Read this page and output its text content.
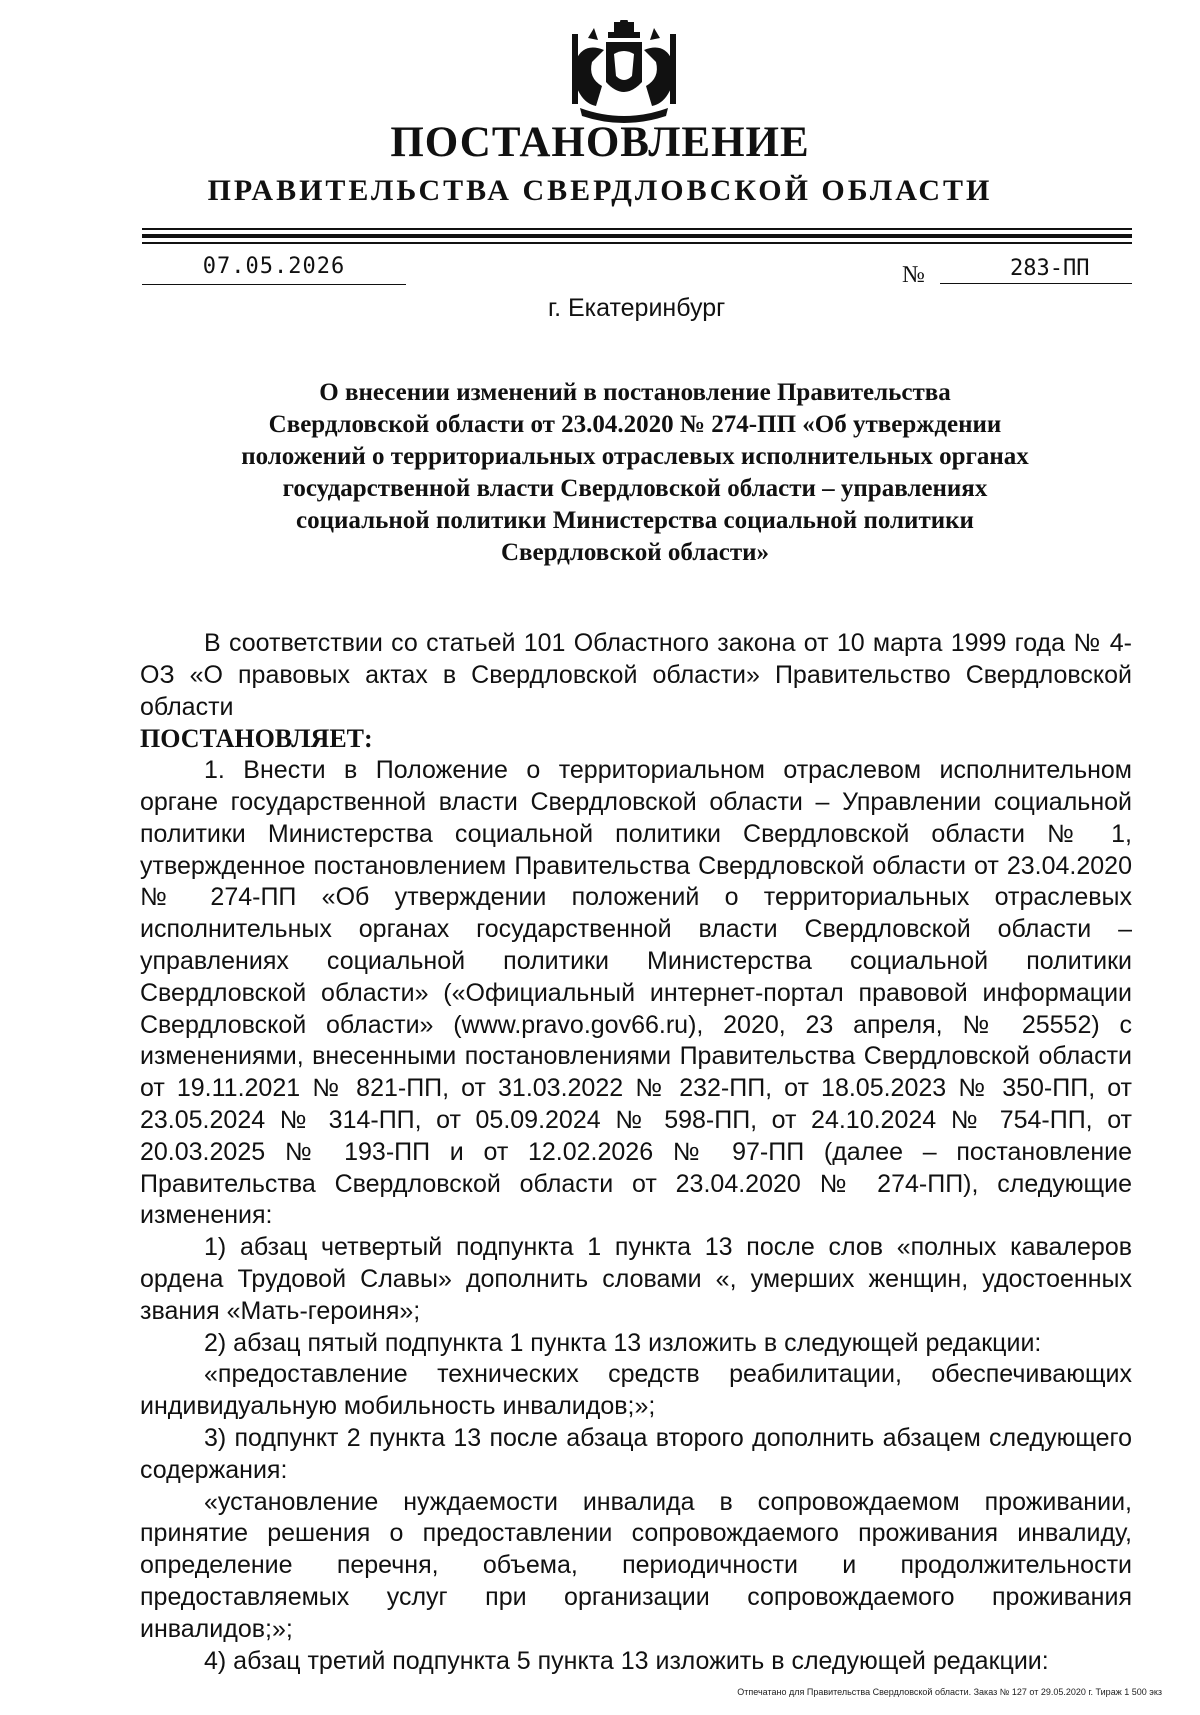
ПОСТАНОВЛЕНИЕ
ПРАВИТЕЛЬСТВА СВЕРДЛОВСКОЙ ОБЛАСТИ
07.05.2026	№	283-ПП
г. Екатеринбург
О внесении изменений в постановление Правительства
Свердловской области от 23.04.2020 № 274-ПП «Об утверждении
положений о территориальных отраслевых исполнительных органах
государственной власти Свердловской области – управлениях
социальной политики Министерства социальной политики
Свердловской области»

В соответствии со статьей 101 Областного закона от 10 марта 1999 года № 4-ОЗ «О правовых актах в Свердловской области» Правительство Свердловской области

ПОСТАНОВЛЯЕТ:

1. Внести в Положение о территориальном отраслевом исполнительном органе государственной власти Свердловской области – Управлении социальной политики Министерства социальной политики Свердловской области № 1, утвержденное постановлением Правительства Свердловской области от 23.04.2020 № 274-ПП «Об утверждении положений о территориальных отраслевых исполнительных органах государственной власти Свердловской области – управлениях социальной политики Министерства социальной политики Свердловской области» («Официальный интернет-портал правовой информации Свердловской области» (www.pravo.gov66.ru), 2020, 23 апреля, № 25552) с изменениями, внесенными постановлениями Правительства Свердловской области от 19.11.2021 № 821-ПП, от 31.03.2022 № 232-ПП, от 18.05.2023 № 350-ПП, от 23.05.2024 № 314-ПП, от 05.09.2024 № 598-ПП, от 24.10.2024 № 754-ПП, от 20.03.2025 № 193-ПП и от 12.02.2026 № 97-ПП (далее – постановление Правительства Свердловской области от 23.04.2020 № 274-ПП), следующие изменения:

1) абзац четвертый подпункта 1 пункта 13 после слов «полных кавалеров ордена Трудовой Славы» дополнить словами «, умерших женщин, удостоенных звания «Мать-героиня»;

2) абзац пятый подпункта 1 пункта 13 изложить в следующей редакции:

«предоставление технических средств реабилитации, обеспечивающих индивидуальную мобильность инвалидов;»;

3) подпункт 2 пункта 13 после абзаца второго дополнить абзацем следующего содержания:

«установление нуждаемости инвалида в сопровождаемом проживании, принятие решения о предоставлении сопровождаемого проживания инвалиду, определение перечня, объема, периодичности и продолжительности предоставляемых услуг при организации сопровождаемого проживания инвалидов;»;

4) абзац третий подпункта 5 пункта 13 изложить в следующей редакции:

Отпечатано для Правительства Свердловской области. Заказ № 127 от 29.05.2020 г. Тираж 1 500 экз
